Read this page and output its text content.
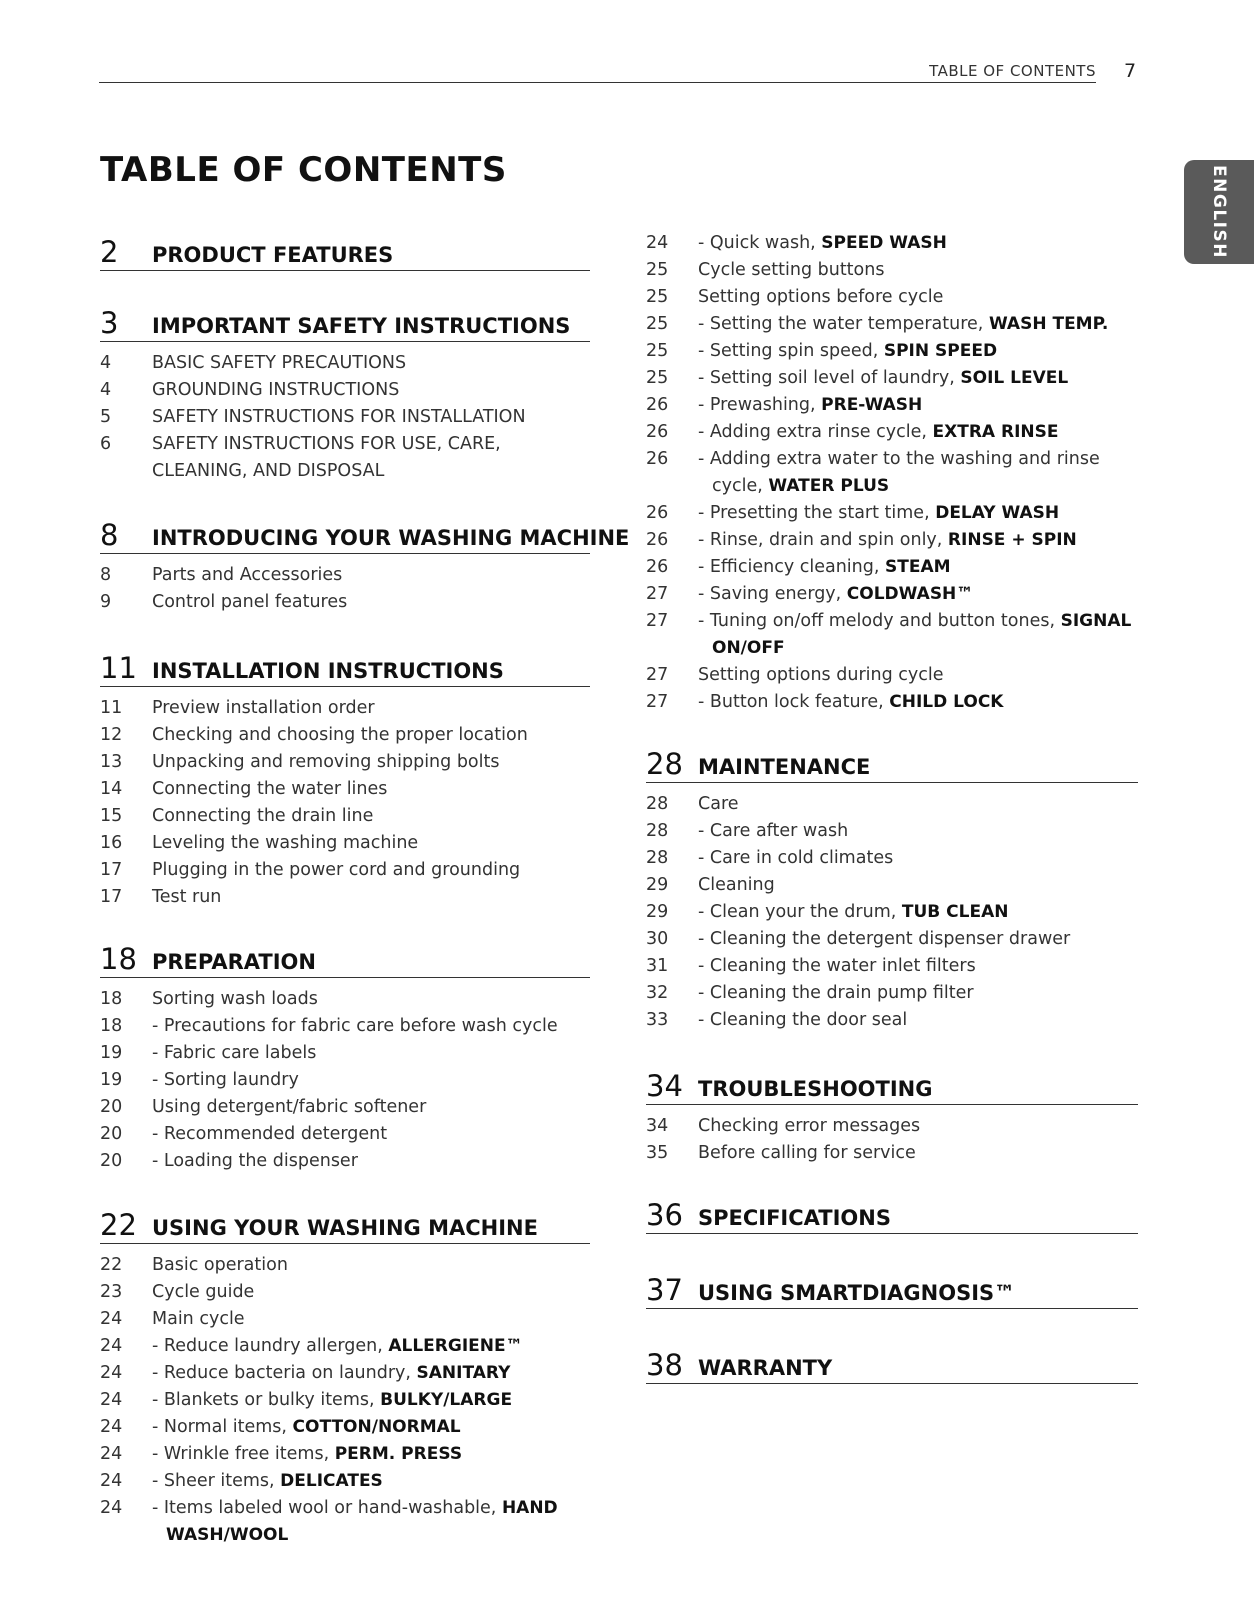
TABLE OF CONTENTS 7
ENGLISH
TABLE OF CONTENTS
2 PRODUCT FEATURES
3 IMPORTANT SAFETY INSTRUCTIONS
4	BASIC SAFETY PRECAUTIONS
4	GROUNDING INSTRUCTIONS
5	SAFETY INSTRUCTIONS FOR INSTALLATION
6	SAFETY INSTRUCTIONS FOR USE, CARE, CLEANING, AND DISPOSAL
8 INTRODUCING YOUR WASHING MACHINE
8	Parts and Accessories
9	Control panel features
11 INSTALLATION INSTRUCTIONS
11	Preview installation order
12	Checking and choosing the proper location
13	Unpacking and removing shipping bolts
14	Connecting the water lines
15	Connecting the drain line
16	Leveling the washing machine
17	Plugging in the power cord and grounding
17	Test run
18 PREPARATION
18	Sorting wash loads
18	- Precautions for fabric care before wash cycle
19	- Fabric care labels
19	- Sorting laundry
20	Using detergent/fabric softener
20	- Recommended detergent
20	- Loading the dispenser
22 USING YOUR WASHING MACHINE
22	Basic operation
23	Cycle guide
24	Main cycle
24	- Reduce laundry allergen, ALLERGIENE™
24	- Reduce bacteria on laundry, SANITARY
24	- Blankets or bulky items, BULKY/LARGE
24	- Normal items, COTTON/NORMAL
24	- Wrinkle free items, PERM. PRESS
24	- Sheer items, DELICATES
24	- Items labeled wool or hand-washable, HAND WASH/WOOL
24	- Quick wash, SPEED WASH
25	Cycle setting buttons
25	Setting options before cycle
25	- Setting the water temperature, WASH TEMP.
25	- Setting spin speed, SPIN SPEED
25	- Setting soil level of laundry, SOIL LEVEL
26	- Prewashing, PRE-WASH
26	- Adding extra rinse cycle, EXTRA RINSE
26	- Adding extra water to the washing and rinse cycle, WATER PLUS
26	- Presetting the start time, DELAY WASH
26	- Rinse, drain and spin only, RINSE + SPIN
26	- Efficiency cleaning, STEAM
27	- Saving energy, COLDWASH™
27	- Tuning on/off melody and button tones, SIGNAL ON/OFF
27	Setting options during cycle
27	- Button lock feature, CHILD LOCK
28 MAINTENANCE
28	Care
28	- Care after wash
28	- Care in cold climates
29	Cleaning
29	- Clean your the drum, TUB CLEAN
30	- Cleaning the detergent dispenser drawer
31	- Cleaning the water inlet filters
32	- Cleaning the drain pump filter
33	- Cleaning the door seal
34 TROUBLESHOOTING
34	Checking error messages
35	Before calling for service
36 SPECIFICATIONS
37 USING SMARTDIAGNOSIS™
38 WARRANTY
